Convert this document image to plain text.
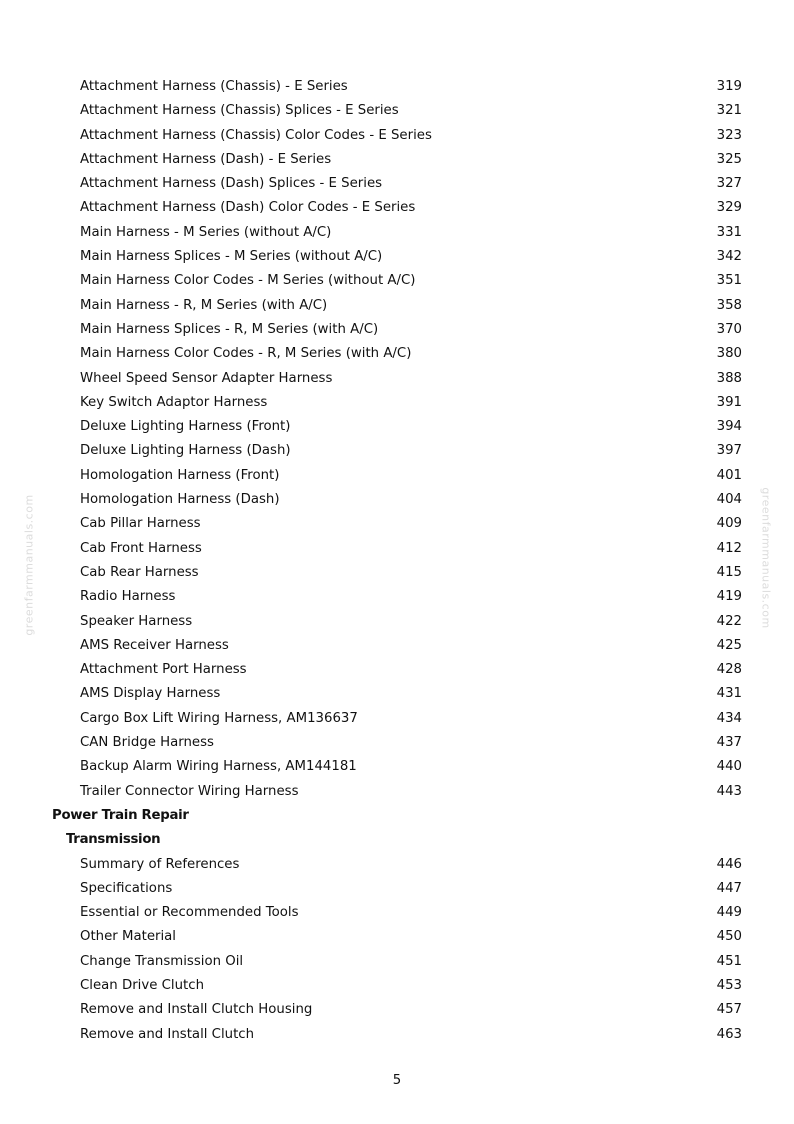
greenfarmmanuals.com	greenfarmmanuals.com
Attachment Harness (Chassis) - E Series	319
Attachment Harness (Chassis) Splices - E Series	321
Attachment Harness (Chassis) Color Codes - E Series	323
Attachment Harness (Dash) - E Series	325
Attachment Harness (Dash) Splices - E Series	327
Attachment Harness (Dash) Color Codes - E Series	329
Main Harness - M Series (without A/C)	331
Main Harness Splices - M Series (without A/C)	342
Main Harness Color Codes - M Series (without A/C)	351
Main Harness - R, M Series (with A/C)	358
Main Harness Splices - R, M Series (with A/C)	370
Main Harness Color Codes - R, M Series (with A/C)	380
Wheel Speed Sensor Adapter Harness	388
Key Switch Adaptor Harness	391
Deluxe Lighting Harness (Front)	394
Deluxe Lighting Harness (Dash)	397
Homologation Harness (Front)	401
Homologation Harness (Dash)	404
Cab Pillar Harness	409
Cab Front Harness	412
Cab Rear Harness	415
Radio Harness	419
Speaker Harness	422
AMS Receiver Harness	425
Attachment Port Harness	428
AMS Display Harness	431
Cargo Box Lift Wiring Harness, AM136637	434
CAN Bridge Harness	437
Backup Alarm Wiring Harness, AM144181	440
Trailer Connector Wiring Harness	443
Power Train Repair
Transmission
Summary of References	446
Specifications	447
Essential or Recommended Tools	449
Other Material	450
Change Transmission Oil	451
Clean Drive Clutch	453
Remove and Install Clutch Housing	457
Remove and Install Clutch	463
5
